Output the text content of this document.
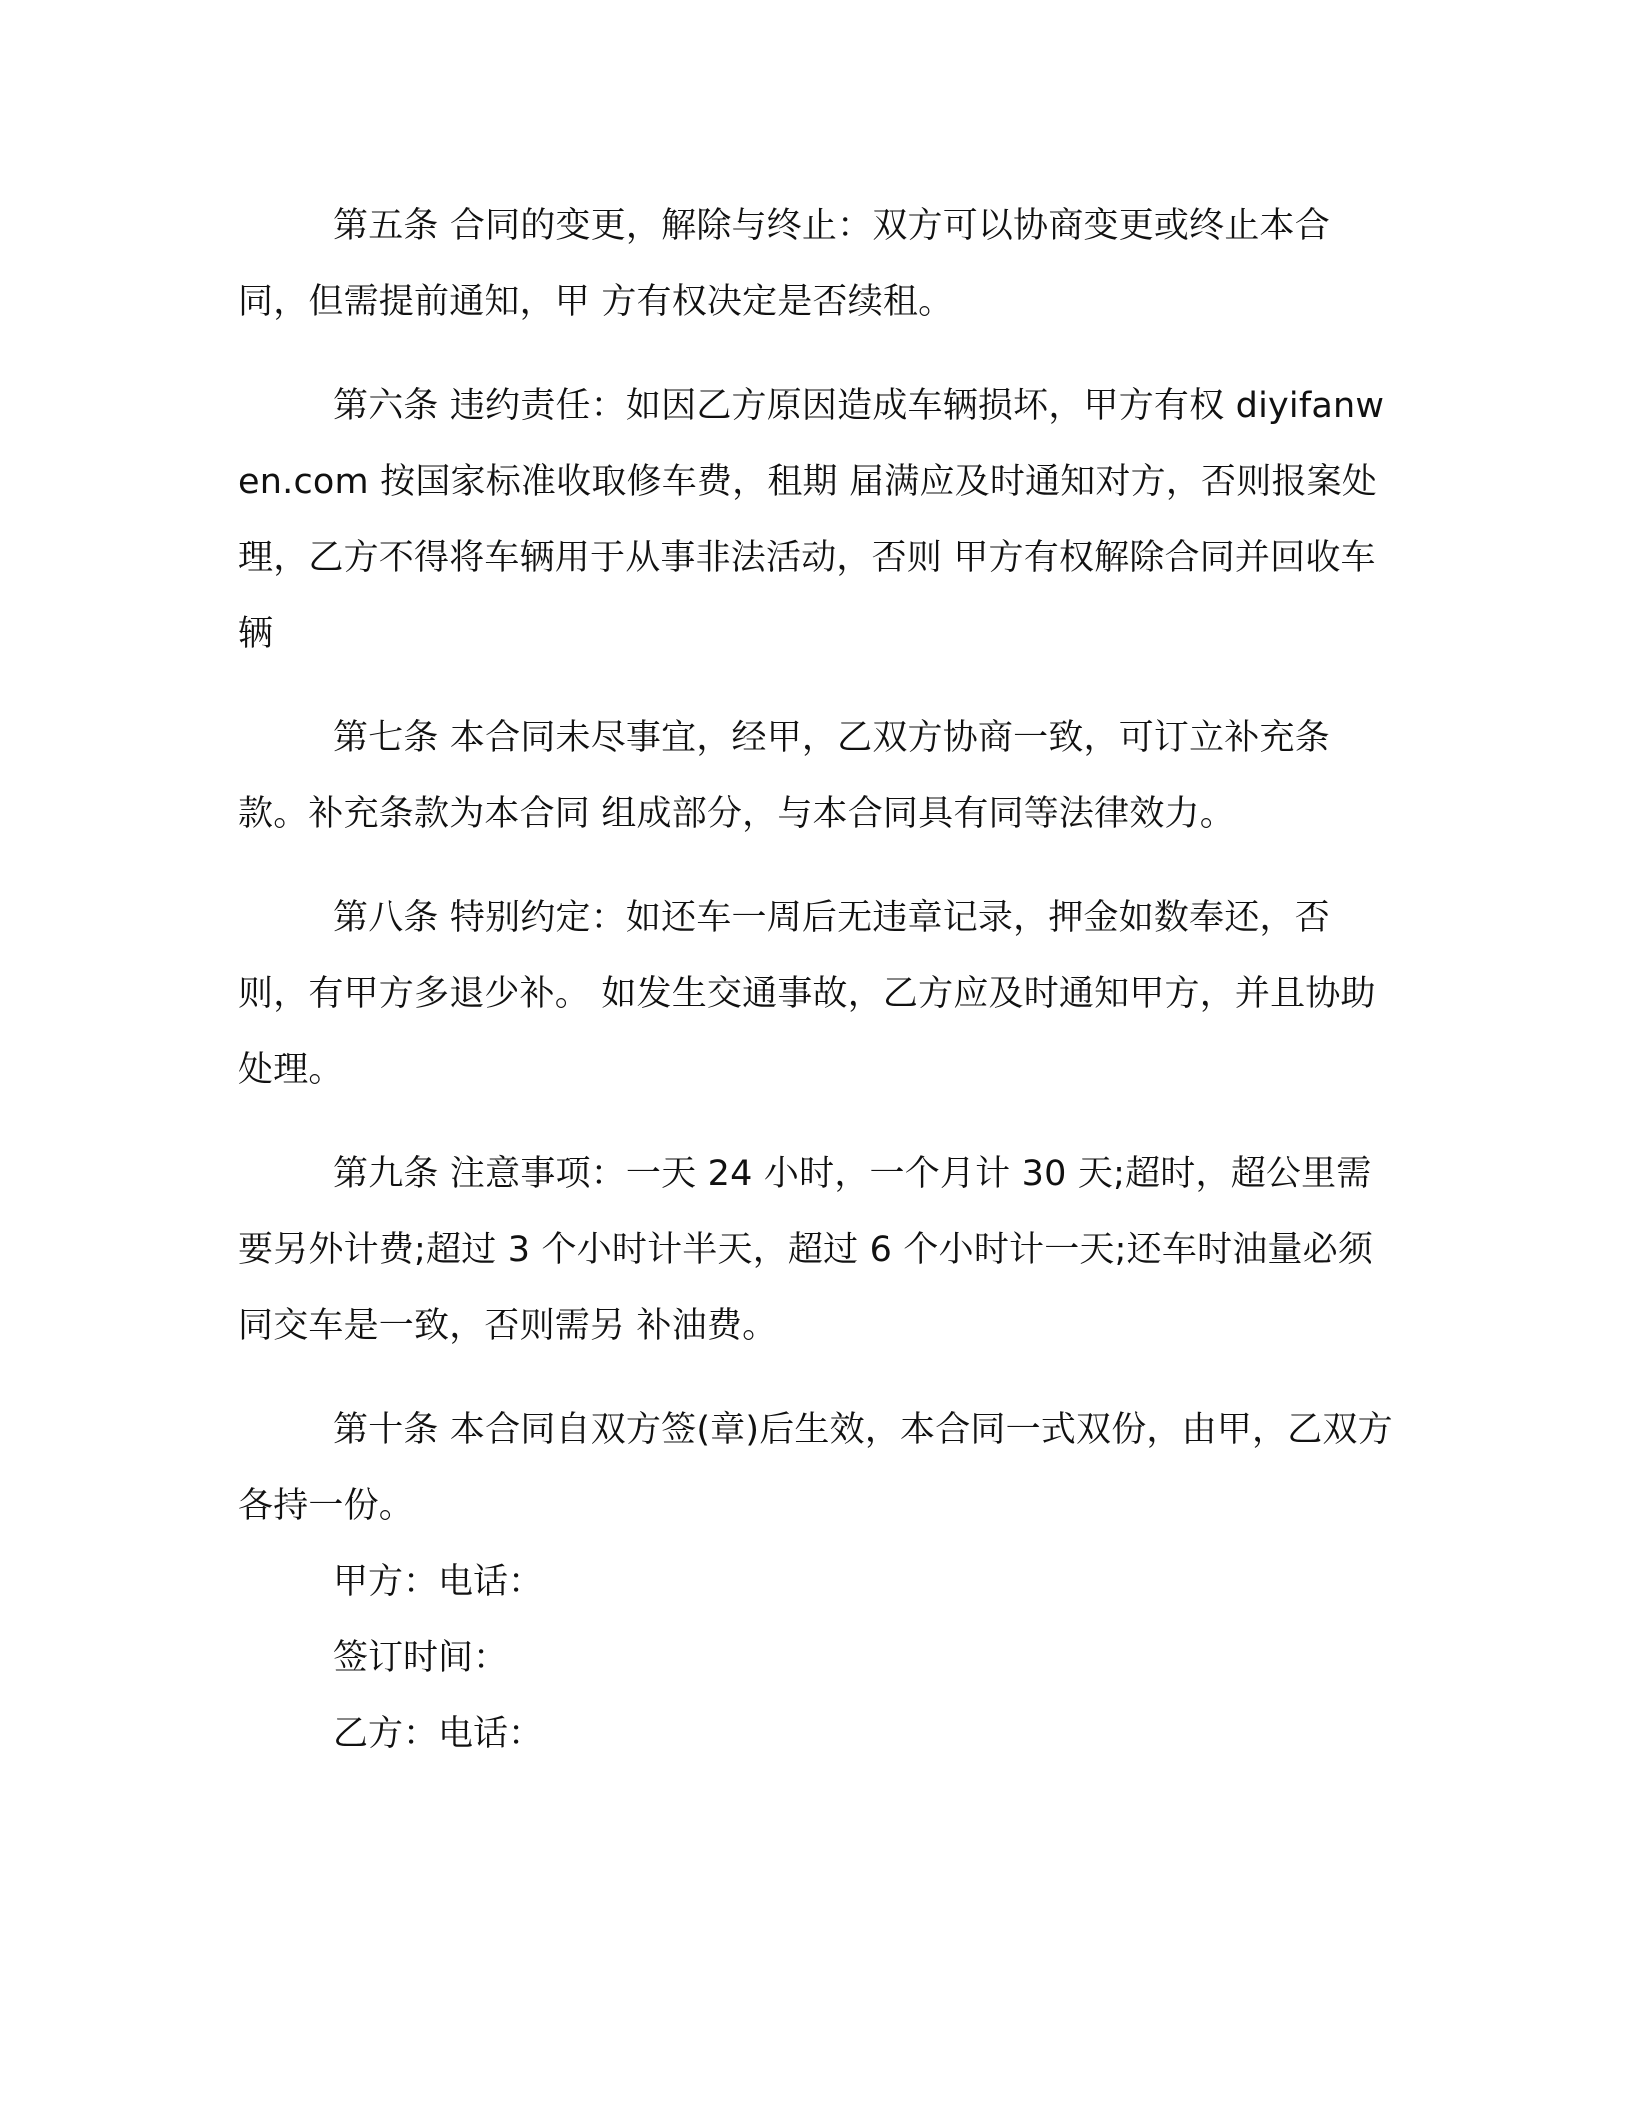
第五条 合同的变更，解除与终止：双方可以协商变更或终止本合同，但需提前通知，甲 方有权决定是否续租。

第六条 违约责任：如因乙方原因造成车辆损坏，甲方有权 diyifanwen.com 按国家标准收取修车费，租期 届满应及时通知对方，否则报案处理，乙方不得将车辆用于从事非法活动，否则 甲方有权解除合同并回收车辆

第七条 本合同未尽事宜，经甲，乙双方协商一致，可订立补充条款。补充条款为本合同 组成部分，与本合同具有同等法律效力。

第八条 特别约定：如还车一周后无违章记录，押金如数奉还，否则，有甲方多退少补。 如发生交通事故，乙方应及时通知甲方，并且协助处理。

第九条 注意事项：一天 24 小时，一个月计 30 天;超时，超公里需要另外计费;超过 3 个小时计半天，超过 6 个小时计一天;还车时油量必须同交车是一致，否则需另 补油费。

第十条 本合同自双方签(章)后生效，本合同一式双份，由甲，乙双方各持一份。

甲方：电话：

签订时间：

乙方：电话：
